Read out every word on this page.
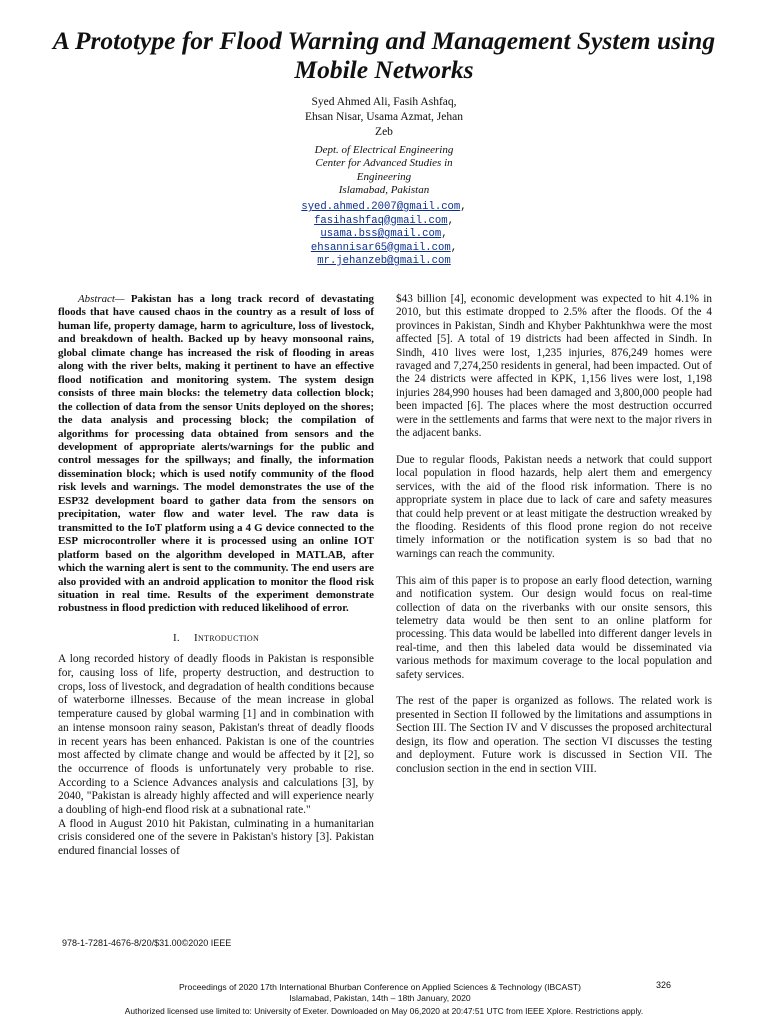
A Prototype for Flood Warning and Management System using Mobile Networks
Syed Ahmed Ali, Fasih Ashfaq,
Ehsan Nisar, Usama Azmat, Jehan
Zeb
Dept. of Electrical Engineering
Center for Advanced Studies in
Engineering
Islamabad, Pakistan
syed.ahmed.2007@gmail.com,
fasihashfaq@gmail.com,
usama.bss@gmail.com,
ehsannisar65@gmail.com,
mr.jehanzeb@gmail.com

Abstract— Pakistan has a long track record of devastating floods that have caused chaos in the country as a result of loss of human life, property damage, harm to agriculture, loss of livestock, and breakdown of health. Backed up by heavy monsoonal rains, global climate change has increased the risk of flooding in areas along with the river belts, making it pertinent to have an effective flood notification and monitoring system. The system design consists of three main blocks: the telemetry data collection block; the collection of data from the sensor Units deployed on the shores; the data analysis and processing block; the compilation of algorithms for processing data obtained from sensors and the development of appropriate alerts/warnings for the public and control messages for the spillways; and finally, the information dissemination block; which is used notify community of the flood risk levels and warnings. The model demonstrates the use of the ESP32 development board to gather data from the sensors on precipitation, water flow and water level. The raw data is transmitted to the IoT platform using a 4 G device connected to the ESP microcontroller where it is processed using an online IOT platform based on the algorithm developed in MATLAB, after which the warning alert is sent to the community. The end users are also provided with an android application to monitor the flood risk situation in real time. Results of the experiment demonstrate robustness in flood prediction with reduced likelihood of error.

I. Introduction

A long recorded history of deadly floods in Pakistan is responsible for, causing loss of life, property destruction, and destruction to crops, loss of livestock, and degradation of health conditions because of waterborne illnesses. Because of the mean increase in global temperature caused by global warming [1] and in combination with an intense monsoon rainy season, Pakistan's threat of deadly floods in recent years has been enhanced. Pakistan is one of the countries most affected by climate change and would be affected by it [2], so the occurrence of floods is unfortunately very probable to rise. According to a Science Advances analysis and calculations [3], by 2040, "Pakistan is already highly affected and will experience nearly a doubling of high-end flood risk at a subnational rate."

A flood in August 2010 hit Pakistan, culminating in a humanitarian crisis considered one of the severe in Pakistan's history [3]. Pakistan endured financial losses of

$43 billion [4], economic development was expected to hit 4.1% in 2010, but this estimate dropped to 2.5% after the floods. Of the 4 provinces in Pakistan, Sindh and Khyber Pakhtunkhwa were the most affected [5]. A total of 19 districts had been affected in Sindh. In Sindh, 410 lives were lost, 1,235 injuries, 876,249 homes were ravaged and 7,274,250 residents in general, had been impacted. Out of the 24 districts were affected in KPK, 1,156 lives were lost, 1,198 injuries 284,990 houses had been damaged and 3,800,000 people had been impacted [6]. The places where the most destruction occurred were in the settlements and farms that were next to the major rivers in the adjacent banks.

Due to regular floods, Pakistan needs a network that could support local population in flood hazards, help alert them and emergency services, with the aid of the flood risk information. There is no appropriate system in place due to lack of care and safety measures that could help prevent or at least mitigate the destruction wreaked by the flooding. Residents of this flood prone region do not receive timely information or the notification system is so bad that no warnings can reach the community.

This aim of this paper is to propose an early flood detection, warning and notification system. Our design would focus on real-time collection of data on the riverbanks with our onsite sensors, this telemetry data would be then sent to an online platform for processing. This data would be labelled into different danger levels in real-time, and then this labeled data would be disseminated via various methods for maximum coverage to the local population and safety services.

The rest of the paper is organized as follows. The related work is presented in Section II followed by the limitations and assumptions in Section III. The Section IV and V discusses the proposed architectural design, its flow and operation. The section VI discusses the testing and deployment. Future work is discussed in Section VII. The conclusion section in the end in section VIII.

978-1-7281-4676-8/20/$31.00©2020 IEEE
Proceedings of 2020 17th International Bhurban Conference on Applied Sciences & Technology (IBCAST)
Islamabad, Pakistan, 14th – 18th January, 2020
326
Authorized licensed use limited to: University of Exeter. Downloaded on May 06,2020 at 20:47:51 UTC from IEEE Xplore. Restrictions apply.
